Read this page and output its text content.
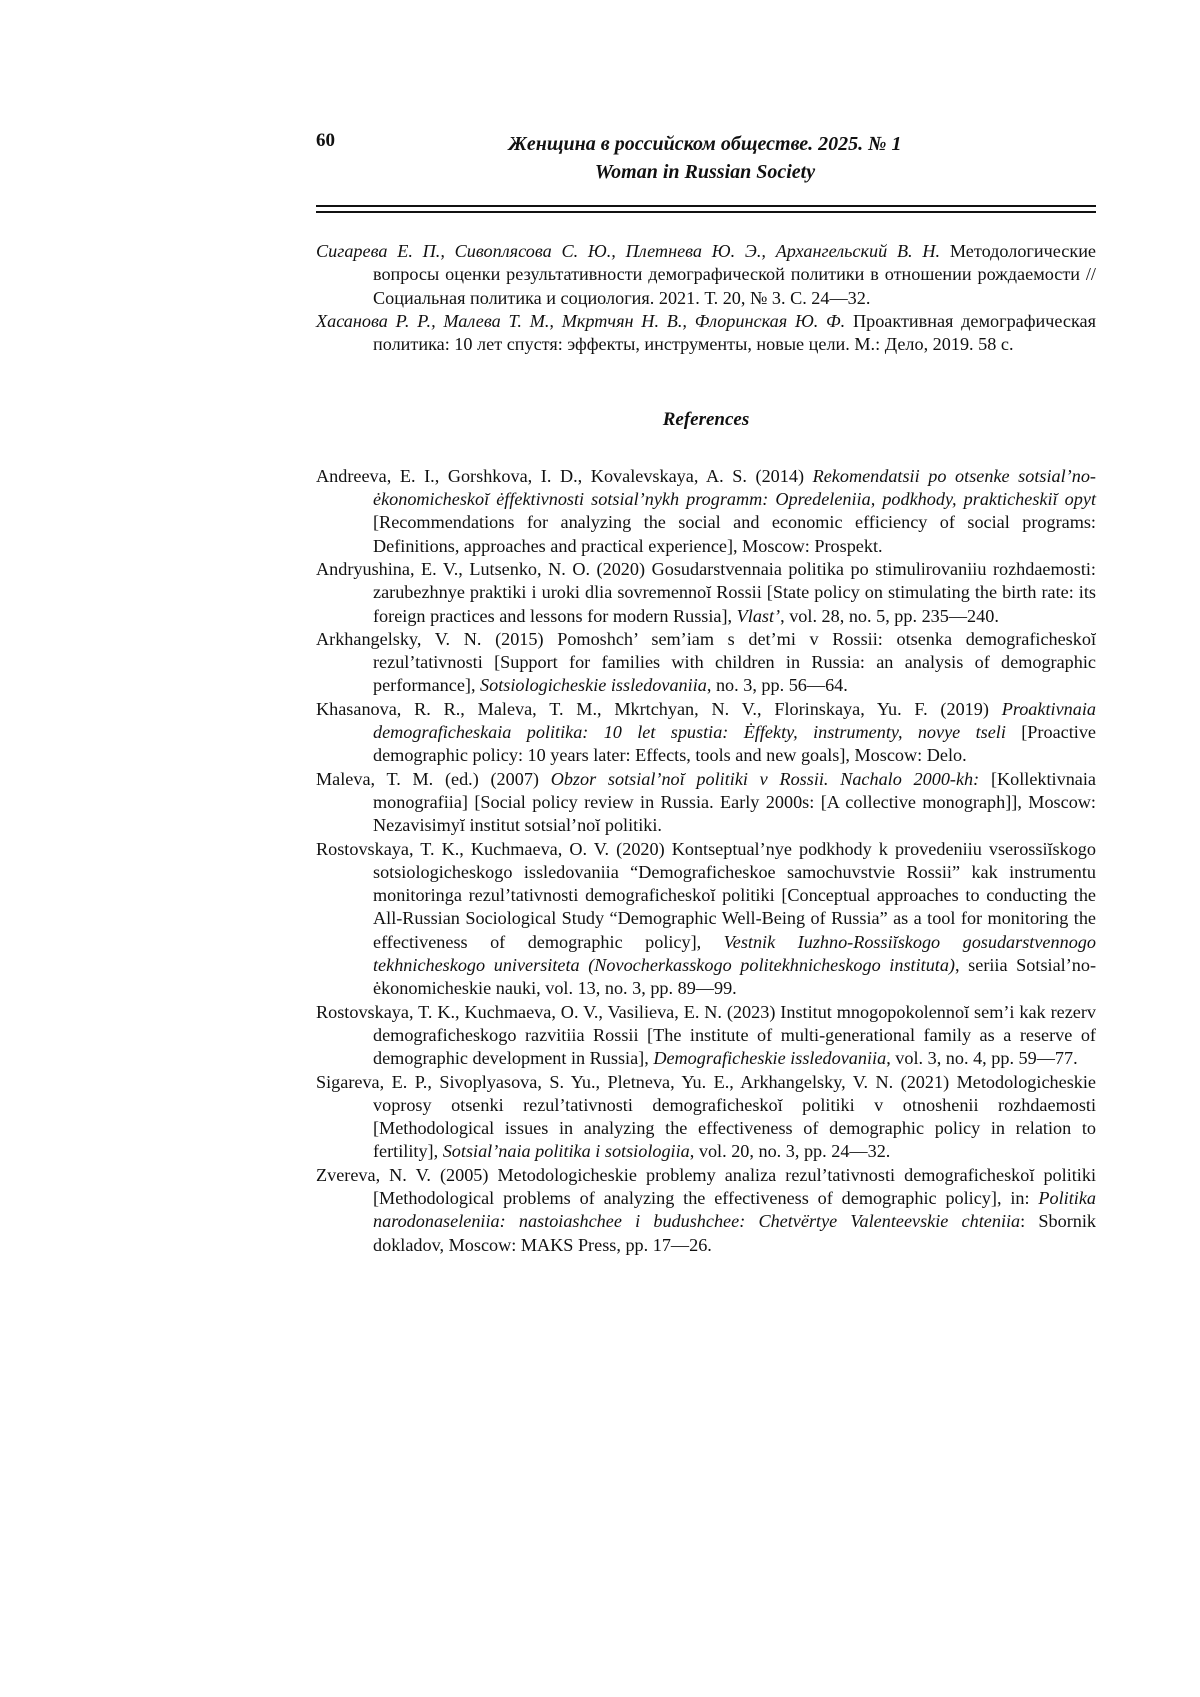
60	Женщина в российском обществе. 2025. № 1
Woman in Russian Society

Сигарева Е. П., Сивоплясова С. Ю., Плетнева Ю. Э., Архангельский В. Н. Методологические вопросы оценки результативности демографической политики в отношении рождаемости // Социальная политика и социология. 2021. Т. 20, № 3. С. 24—32.

Хасанова Р. Р., Малева Т. М., Мкртчян Н. В., Флоринская Ю. Ф. Проактивная демографическая политика: 10 лет спустя: эффекты, инструменты, новые цели. М.: Дело, 2019. 58 с.

References

Andreeva, E. I., Gorshkova, I. D., Kovalevskaya, A. S. (2014) Rekomendatsii po otsenke sotsial’no-ėkonomicheskoĭ ėffektivnosti sotsial’nykh programm: Opredeleniia, podkhody, prakticheskiĭ opyt [Recommendations for analyzing the social and economic efficiency of social programs: Definitions, approaches and practical experience], Moscow: Prospekt.

Andryushina, E. V., Lutsenko, N. O. (2020) Gosudarstvennaia politika po stimulirovaniiu rozhdaemosti: zarubezhnye praktiki i uroki dlia sovremennoĭ Rossii [State policy on stimulating the birth rate: its foreign practices and lessons for modern Russia], Vlast’, vol. 28, no. 5, pp. 235—240.

Arkhangelsky, V. N. (2015) Pomoshch’ sem’iam s det’mi v Rossii: otsenka demograficheskoĭ rezul’tativnosti [Support for families with children in Russia: an analysis of demographic performance], Sotsiologicheskie issledovaniia, no. 3, pp. 56—64.

Khasanova, R. R., Maleva, T. M., Mkrtchyan, N. V., Florinskaya, Yu. F. (2019) Proaktivnaia demograficheskaia politika: 10 let spustia: Ėffekty, instrumenty, novye tseli [Proactive demographic policy: 10 years later: Effects, tools and new goals], Moscow: Delo.

Maleva, T. M. (ed.) (2007) Obzor sotsial’noĭ politiki v Rossii. Nachalo 2000-kh: [Kollektivnaia monografiia] [Social policy review in Russia. Early 2000s: [A collective monograph]], Moscow: Nezavisimyĭ institut sotsial’noĭ politiki.

Rostovskaya, T. K., Kuchmaeva, O. V. (2020) Kontseptual’nye podkhody k provedeniiu vserossiĭskogo sotsiologicheskogo issledovaniia “Demograficheskoe samochuvstvie Rossii” kak instrumentu monitoringa rezul’tativnosti demograficheskoĭ politiki [Conceptual approaches to conducting the All-Russian Sociological Study “Demographic Well-Being of Russia” as a tool for monitoring the effectiveness of demographic policy], Vestnik Iuzhno-Rossiĭskogo gosudarstvennogo tekhnicheskogo universiteta (Novocherkasskogo politekhnicheskogo instituta), seriia Sotsial’no-ėkonomicheskie nauki, vol. 13, no. 3, pp. 89—99.

Rostovskaya, T. K., Kuchmaeva, O. V., Vasilieva, E. N. (2023) Institut mnogopokolennoĭ sem’i kak rezerv demograficheskogo razvitiia Rossii [The institute of multi-generational family as a reserve of demographic development in Russia], Demograficheskie issledovaniia, vol. 3, no. 4, pp. 59—77.

Sigareva, E. P., Sivoplyasova, S. Yu., Pletneva, Yu. E., Arkhangelsky, V. N. (2021) Metodologicheskie voprosy otsenki rezul’tativnosti demograficheskoĭ politiki v otnoshenii rozhdaemosti [Methodological issues in analyzing the effectiveness of demographic policy in relation to fertility], Sotsial’naia politika i sotsiologiia, vol. 20, no. 3, pp. 24—32.

Zvereva, N. V. (2005) Metodologicheskie problemy analiza rezul’tativnosti demograficheskoĭ politiki [Methodological problems of analyzing the effectiveness of demographic policy], in: Politika narodonaseleniia: nastoiashchee i budushchee: Chetvërtye Valenteevskie chteniia: Sbornik dokladov, Moscow: MAKS Press, pp. 17—26.
